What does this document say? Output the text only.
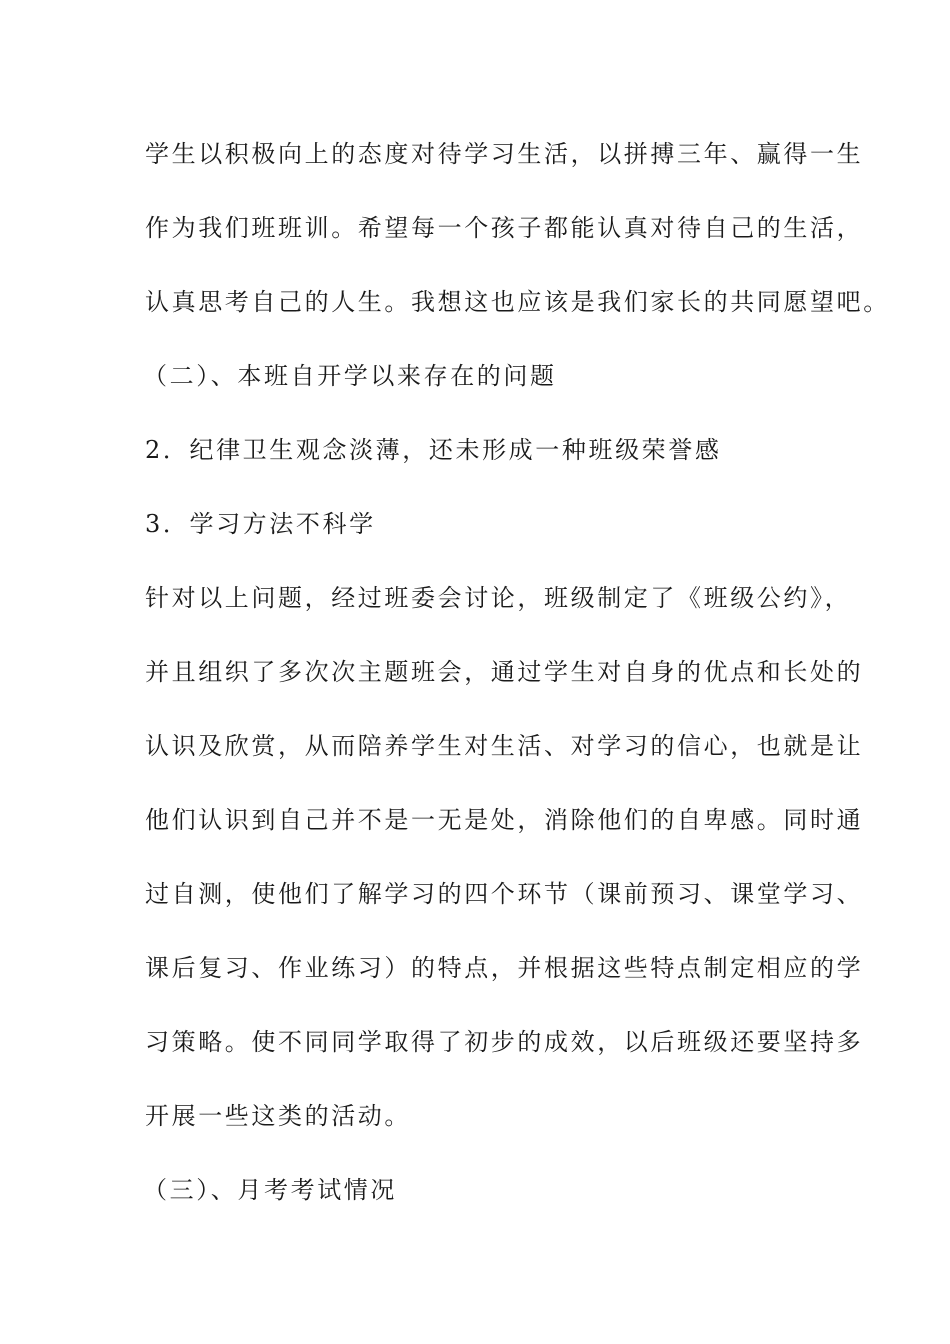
学生以积极向上的态度对待学习生活，以拼搏三年、赢得一生
作为我们班班训。希望每一个孩子都能认真对待自己的生活，
认真思考自己的人生。我想这也应该是我们家长的共同愿望吧。
（二）、本班自开学以来存在的问题
2．纪律卫生观念淡薄，还未形成一种班级荣誉感
3．学习方法不科学
针对以上问题，经过班委会讨论，班级制定了《班级公约》，
并且组织了多次次主题班会，通过学生对自身的优点和长处的
认识及欣赏，从而陪养学生对生活、对学习的信心，也就是让
他们认识到自己并不是一无是处，消除他们的自卑感。同时通
过自测，使他们了解学习的四个环节（课前预习、课堂学习、
课后复习、作业练习）的特点，并根据这些特点制定相应的学
习策略。使不同同学取得了初步的成效，以后班级还要坚持多
开展一些这类的活动。
（三）、月考考试情况
